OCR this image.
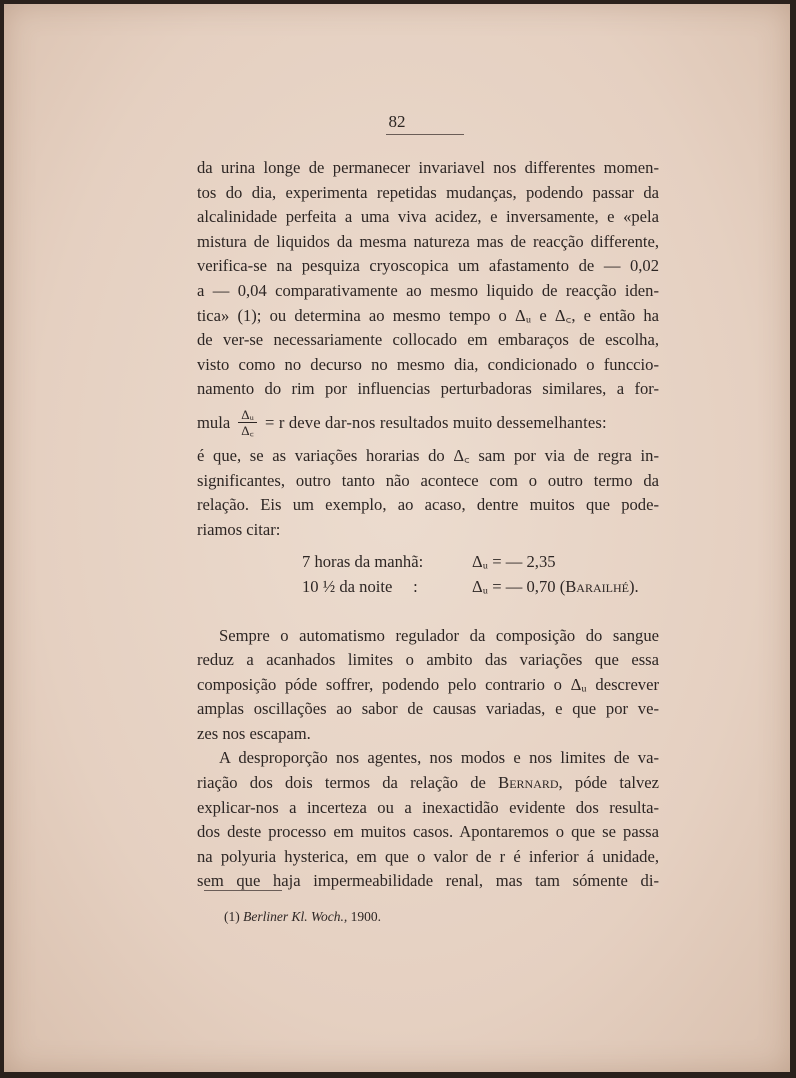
82
da urina longe de permanecer invariavel nos differentes momen-
tos do dia, experimenta repetidas mudanças, podendo passar da
alcalinidade perfeita a uma viva acidez, e inversamente, e «pela
mistura de liquidos da mesma natureza mas de reacção differente,
verifica-se na pesquiza cryoscopica um afastamento de — 0,02
a — 0,04 comparativamente ao mesmo liquido de reacção iden-
tica» (1); ou determina ao mesmo tempo o Δᵤ e Δ꜀, e então ha
de ver-se necessariamente collocado em embaraços de escolha,
visto como no decurso no mesmo dia, condicionado o funccio-
namento do rim por influencias perturbadoras similares, a for-
mula $\frac{\text{Δᵤ}}{\Delta꜀} = r$ deve dar-nos resultados muito dessemelhantes:
é que, se as variações horarias do Δ꜀ sam por via de regra in-
significantes, outro tanto não acontece com o outro termo da
relação. Eis um exemplo, ao acaso, dentre muitos que pode-
riamos citar:
7 horas da manhã:	Δᵤ = — 2,35
10 ½ da noite     :	Δᵤ = — 0,70 (Barailhé).
Sempre o automatismo regulador da composição do sangue
reduz a acanhados limites o ambito das variações que essa
composição póde soffrer, podendo pelo contrario o Δᵤ descrever
amplas oscillações ao sabor de causas variadas, e que por ve-
zes nos escapam.
A desproporção nos agentes, nos modos e nos limites de va-
riação dos dois termos da relação de Bernard, póde talvez
explicar-nos a incerteza ou a inexactidão evidente dos resulta-
dos deste processo em muitos casos. Apontaremos o que se passa
na polyuria hysterica, em que o valor de r é inferior á unidade,
sem que haja impermeabilidade renal, mas tam sómente di-
(1) Berliner Kl. Woch., 1900.
